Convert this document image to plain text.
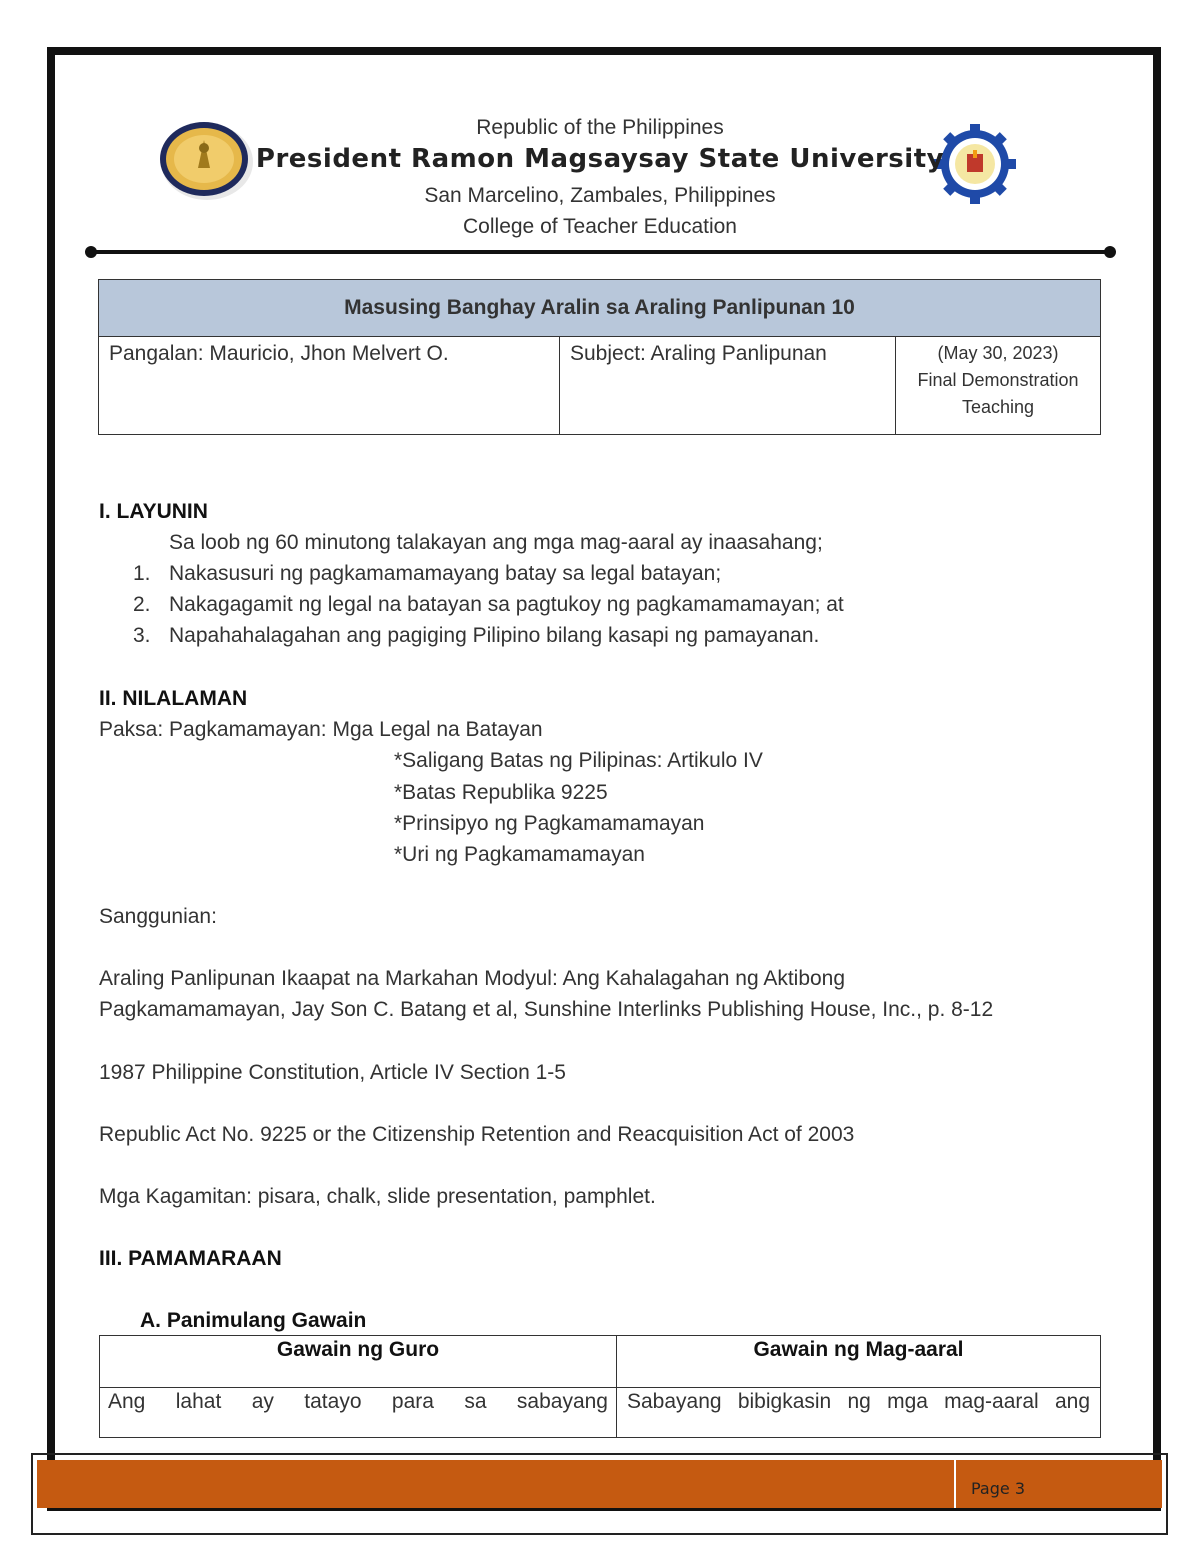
Republic of the Philippines
President Ramon Magsaysay State University
San Marcelino, Zambales, Philippines
College of Teacher Education
Masusing Banghay Aralin sa Araling Panlipunan 10
Pangalan: Mauricio, Jhon Melvert O.	Subject: Araling Panlipunan	(May 30, 2023)
Final Demonstration
Teaching
I. LAYUNIN
Sa loob ng 60 minutong talakayan ang mga mag-aaral ay inaasahang;
1. Nakasusuri ng pagkamamamayang batay sa legal batayan;
2. Nakagagamit ng legal na batayan sa pagtukoy ng pagkamamamayan; at
3. Napahahalagahan ang pagiging Pilipino bilang kasapi ng pamayanan.
II. NILALAMAN
Paksa: Pagkamamayan: Mga Legal na Batayan
*Saligang Batas ng Pilipinas: Artikulo IV
*Batas Republika 9225
*Prinsipyo ng Pagkamamamayan
*Uri ng Pagkamamamayan
Sanggunian:
Araling Panlipunan Ikaapat na Markahan Modyul: Ang Kahalagahan ng Aktibong
Pagkamamamayan, Jay Son C. Batang et al, Sunshine Interlinks Publishing House, Inc., p. 8-12
1987 Philippine Constitution, Article IV Section 1-5
Republic Act No. 9225 or the Citizenship Retention and Reacquisition Act of 2003
Mga Kagamitan: pisara, chalk, slide presentation, pamphlet.
III. PAMAMARAAN
A. Panimulang Gawain
Gawain ng Guro	Gawain ng Mag-aaral
Ang lahat ay tatayo para sa sabayang	Sabayang bibigkasin ng mga mag-aaral ang
Page 3
